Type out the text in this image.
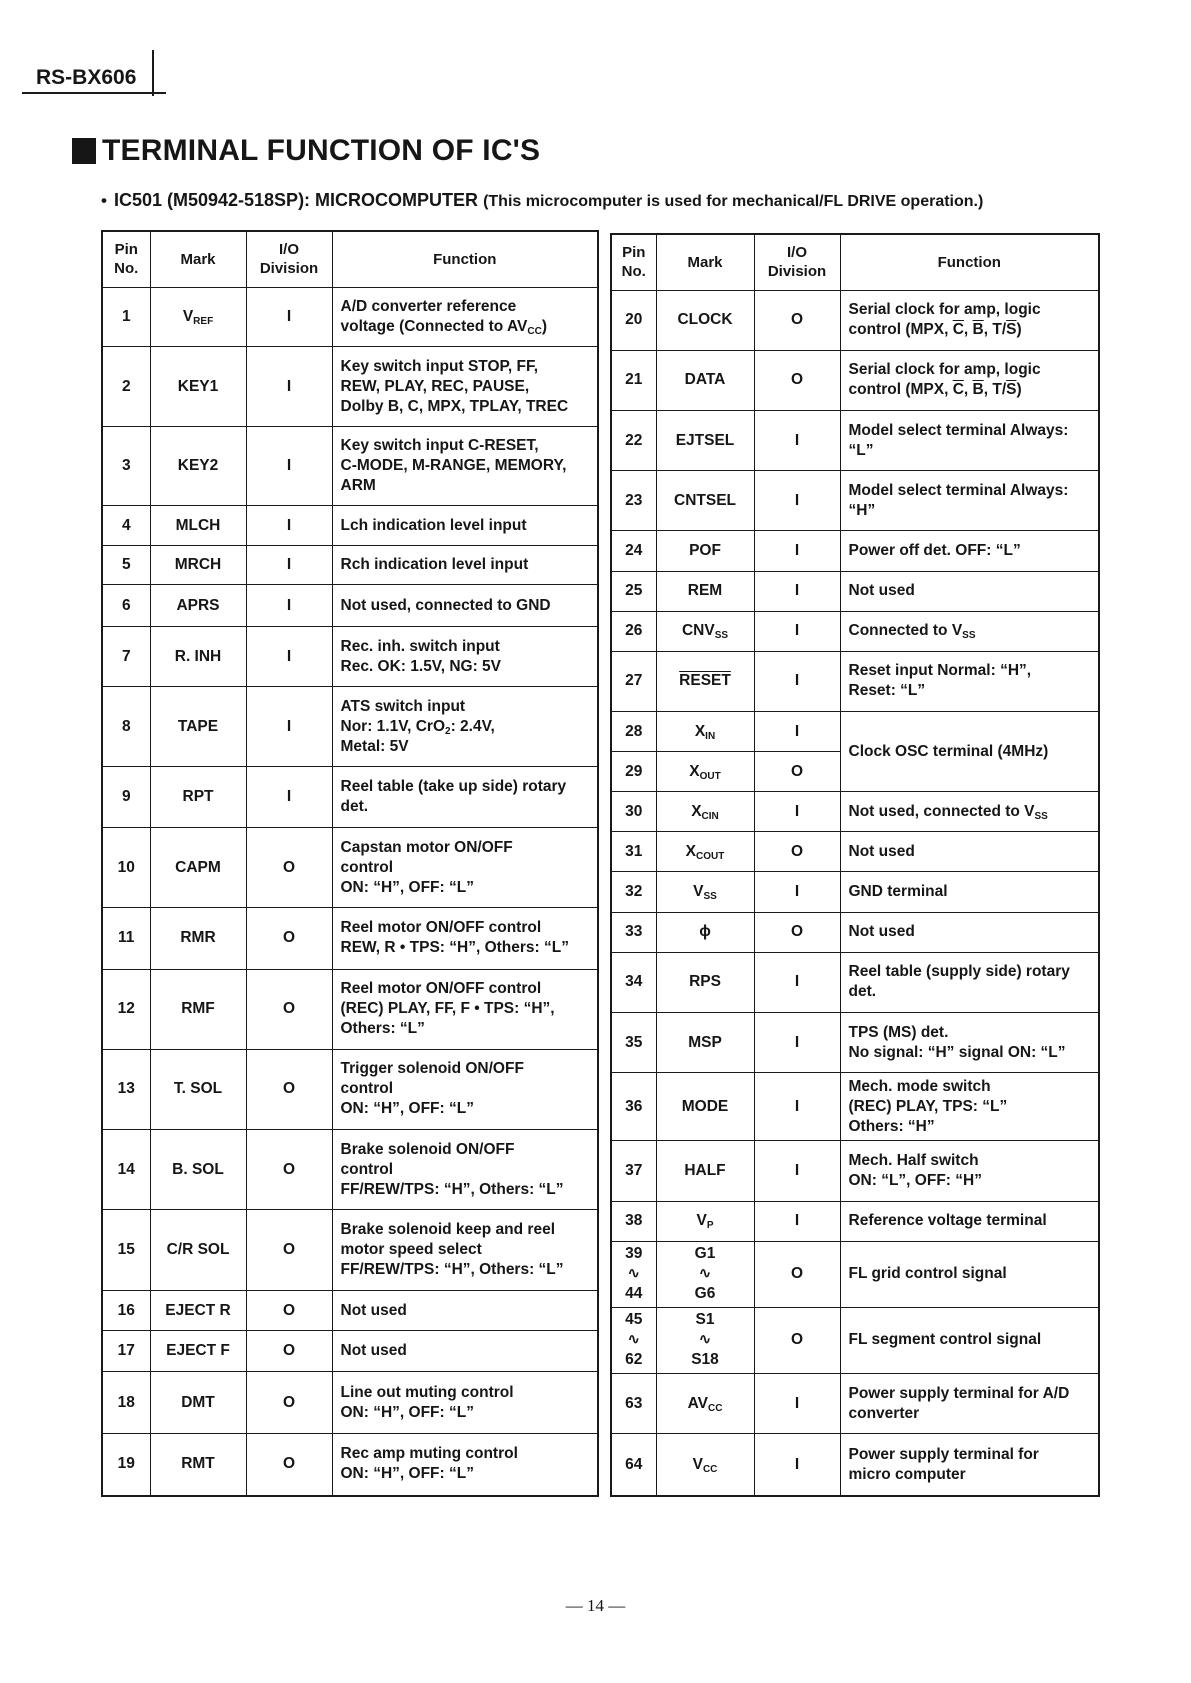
RS-BX606
TERMINAL FUNCTION OF IC'S
• IC501 (M50942-518SP): MICROCOMPUTER (This microcomputer is used for mechanical/FL DRIVE operation.)
Pin
No.	Mark	I/O
Division	Function
1	$V_{REF}$	I	A/D converter reference
voltage (Connected to $AV_{CC}$)

2	KEY1	I	Key switch input STOP, FF,
REW, PLAY, REC, PAUSE,
Dolby B, C, MPX, TPLAY, TREC

3	KEY2	I	Key switch input C-RESET,
C-MODE, M-RANGE, MEMORY,
ARM

4	MLCH	I	Lch indication level input
5	MRCH	I	Rch indication level input
6	APRS	I	Not used, connected to GND
7	R. INH	I	Rec. inh. switch input
Rec. OK: 1.5V, NG: 5V

8	TAPE	I	ATS switch input
Nor: 1.1V, CrO$_2$: 2.4V,
Metal: 5V

9	RPT	I	Reel table (take up side) rotary
det.

10	CAPM	O	Capstan motor ON/OFF
control
ON: “H”, OFF: “L”

11	RMR	O	Reel motor ON/OFF control
REW, R • TPS: “H”, Others: “L”

12	RMF	O	Reel motor ON/OFF control
(REC) PLAY, FF, F • TPS: “H”,
Others: “L”

13	T. SOL	O	Trigger solenoid ON/OFF
control
ON: “H”, OFF: “L”

14	B. SOL	O	Brake solenoid ON/OFF
control
FF/REW/TPS: “H”, Others: “L”

15	C/R SOL	O	Brake solenoid keep and reel
motor speed select
FF/REW/TPS: “H”, Others: “L”

16	EJECT R	O	Not used
17	EJECT F	O	Not used
18	DMT	O	Line out muting control
ON: “H”, OFF: “L”

19	RMT	O	Rec amp muting control
ON: “H”, OFF: “L”
Pin
No.	Mark	I/O
Division	Function
20	CLOCK	O	Serial clock for amp, logic
control (MPX, $\overline{C}$, $\overline{B}$, $T/\overline{S}$)

21	DATA	O	Serial clock for amp, logic
control (MPX, $\overline{C}$, $\overline{B}$, $T/\overline{S}$)

22	EJTSEL	I	Model select terminal Always:
“L”

23	CNTSEL	I	Model select terminal Always:
“H”

24	POF	I	Power off det. OFF: “L”
25	REM	I	Not used
26	$CNV_{SS}$	I	Connected to $V_{SS}$
27	RESET	I	Reset input Normal: “H”,
Reset: “L”

28	$X_{IN}$	I	Clock OSC terminal (4MHz)
29	$X_{OUT}$	O	
30	$X_{CIN}$	I	Not used, connected to $V_{SS}$
31	$X_{COUT}$	O	Not used
32	$V_{SS}$	I	GND terminal
33	ϕ	O	Not used
34	RPS	I	Reel table (supply side) rotary
det.

35	MSP	I	TPS (MS) det.
No signal: “H” signal ON: “L”

36	MODE	I	Mech. mode switch
(REC) PLAY, TPS: “L”
Others: “H”

37	HALF	I	Mech. Half switch
ON: “L”, OFF: “H”

38	$V_P$	I	Reference voltage terminal

39
∿
44	G1
∿
G6	O	FL grid control signal

45
∿
62	S1
∿
S18	O	FL segment control signal
63	$AV_{CC}$	I	Power supply terminal for A/D
converter

64	$V_{CC}$	I	Power supply terminal for
micro computer
— 14 —
